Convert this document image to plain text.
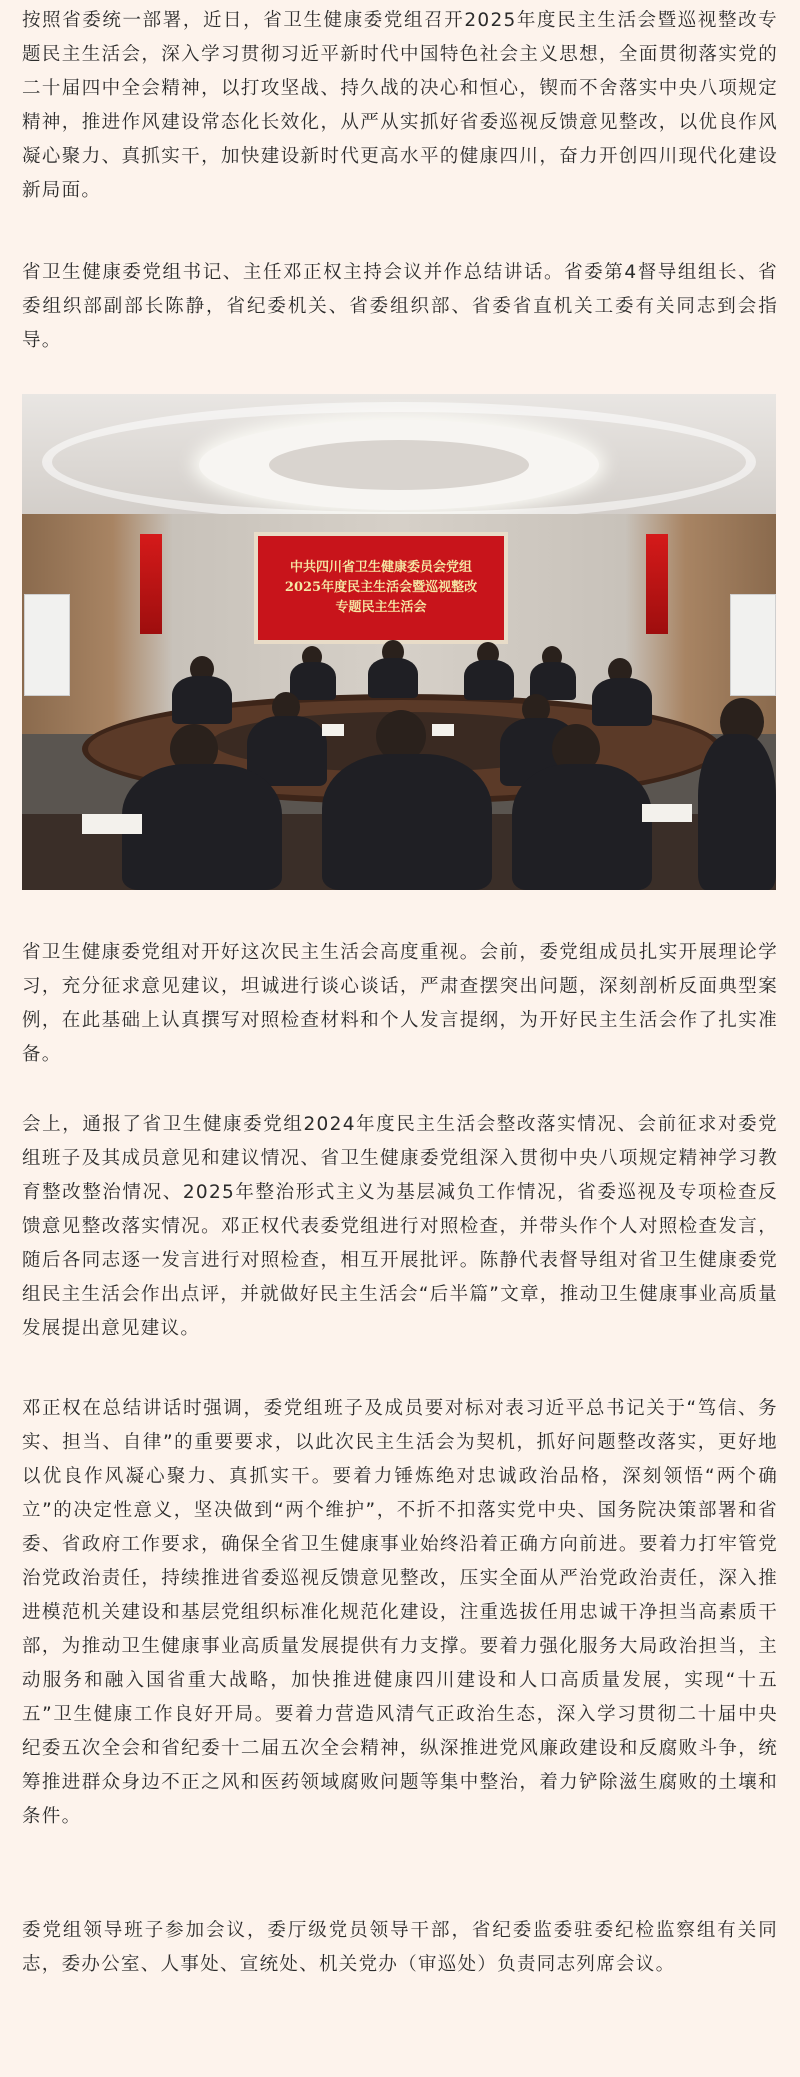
按照省委统一部署，近日，省卫生健康委党组召开2025年度民主生活会暨巡视整改专题民主生活会，深入学习贯彻习近平新时代中国特色社会主义思想，全面贯彻落实党的二十届四中全会精神，以打攻坚战、持久战的决心和恒心，锲而不舍落实中央八项规定精神，推进作风建设常态化长效化，从严从实抓好省委巡视反馈意见整改，以优良作风凝心聚力、真抓实干，加快建设新时代更高水平的健康四川，奋力开创四川现代化建设新局面。

省卫生健康委党组书记、主任邓正权主持会议并作总结讲话。省委第4督导组组长、省委组织部副部长陈静，省纪委机关、省委组织部、省委省直机关工委有关同志到会指导。

中共四川省卫生健康委员会党组
2025年度民主生活会暨巡视整改
专题民主生活会

省卫生健康委党组对开好这次民主生活会高度重视。会前，委党组成员扎实开展理论学习，充分征求意见建议，坦诚进行谈心谈话，严肃查摆突出问题，深刻剖析反面典型案例，在此基础上认真撰写对照检查材料和个人发言提纲，为开好民主生活会作了扎实准备。

会上，通报了省卫生健康委党组2024年度民主生活会整改落实情况、会前征求对委党组班子及其成员意见和建议情况、省卫生健康委党组深入贯彻中央八项规定精神学习教育整改整治情况、2025年整治形式主义为基层减负工作情况，省委巡视及专项检查反馈意见整改落实情况。邓正权代表委党组进行对照检查，并带头作个人对照检查发言，随后各同志逐一发言进行对照检查，相互开展批评。陈静代表督导组对省卫生健康委党组民主生活会作出点评，并就做好民主生活会“后半篇”文章，推动卫生健康事业高质量发展提出意见建议。

邓正权在总结讲话时强调，委党组班子及成员要对标对表习近平总书记关于“笃信、务实、担当、自律”的重要要求，以此次民主生活会为契机，抓好问题整改落实，更好地以优良作风凝心聚力、真抓实干。要着力锤炼绝对忠诚政治品格，深刻领悟“两个确立”的决定性意义，坚决做到“两个维护”，不折不扣落实党中央、国务院决策部署和省委、省政府工作要求，确保全省卫生健康事业始终沿着正确方向前进。要着力打牢管党治党政治责任，持续推进省委巡视反馈意见整改，压实全面从严治党政治责任，深入推进模范机关建设和基层党组织标准化规范化建设，注重选拔任用忠诚干净担当高素质干部，为推动卫生健康事业高质量发展提供有力支撑。要着力强化服务大局政治担当，主动服务和融入国省重大战略，加快推进健康四川建设和人口高质量发展，实现“十五五”卫生健康工作良好开局。要着力营造风清气正政治生态，深入学习贯彻二十届中央纪委五次全会和省纪委十二届五次全会精神，纵深推进党风廉政建设和反腐败斗争，统筹推进群众身边不正之风和医药领域腐败问题等集中整治，着力铲除滋生腐败的土壤和条件。

委党组领导班子参加会议，委厅级党员领导干部，省纪委监委驻委纪检监察组有关同志，委办公室、人事处、宣统处、机关党办（审巡处）负责同志列席会议。
